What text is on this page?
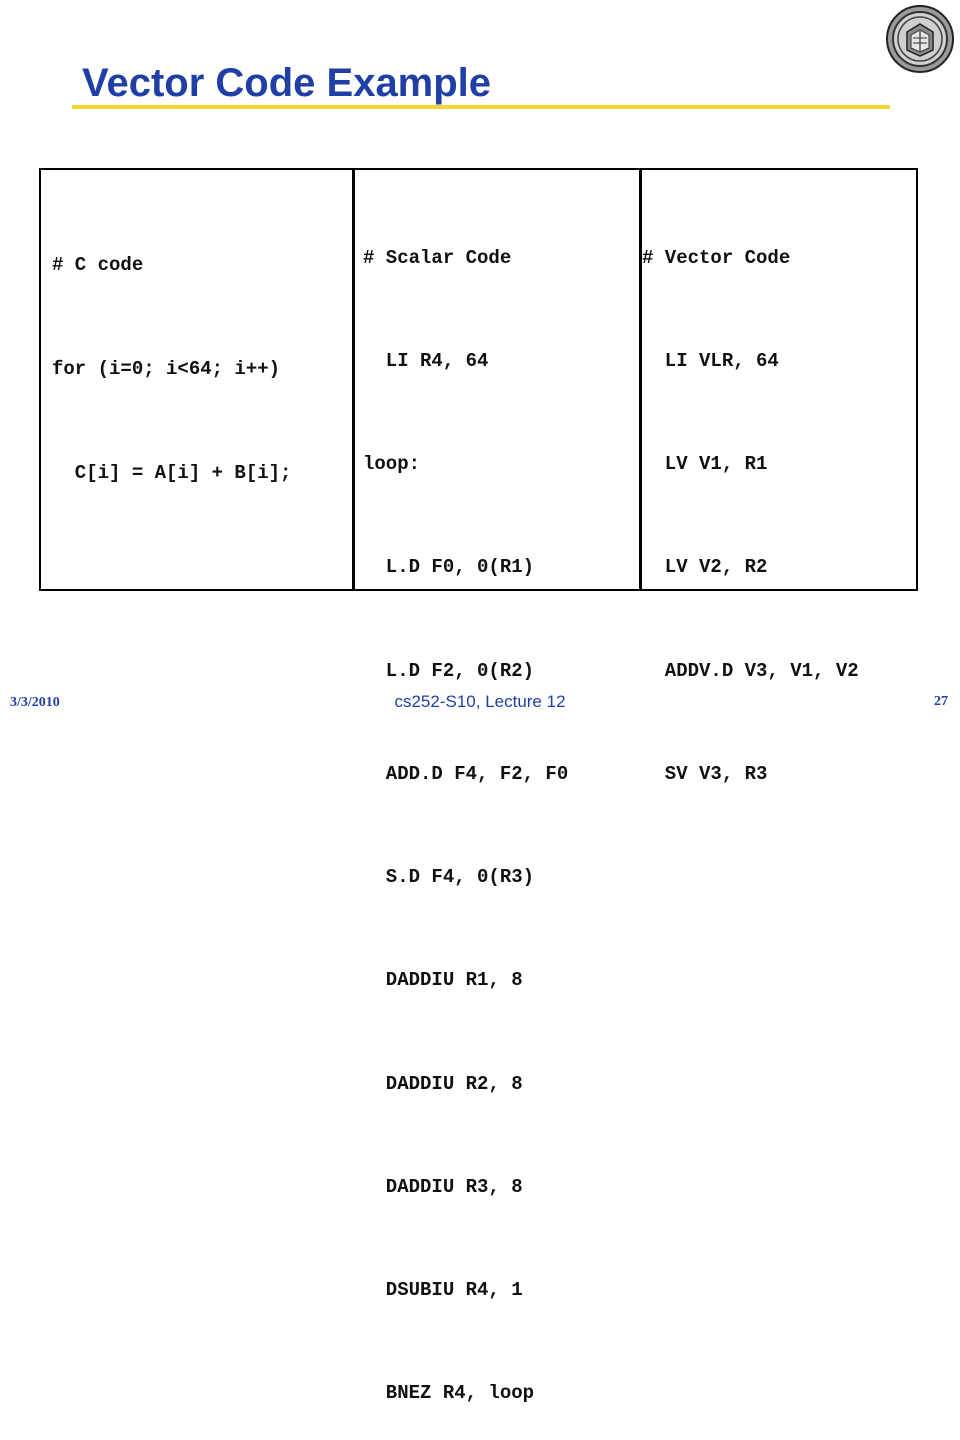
Vector Code Example

# C code

for (i=0; i<64; i++)

C[i] = A[i] + B[i];

# Scalar Code

LI R4, 64

loop:

L.D F0, 0(R1)

L.D F2, 0(R2)

ADD.D F4, F2, F0

S.D F4, 0(R3)

DADDIU R1, 8

DADDIU R2, 8

DADDIU R3, 8

DSUBIU R4, 1

BNEZ R4, loop

# Vector Code

LI VLR, 64

LV V1, R1

LV V2, R2

ADDV.D V3, V1, V2

SV V3, R3

3/3/2010	cs252-S10, Lecture 12	27
